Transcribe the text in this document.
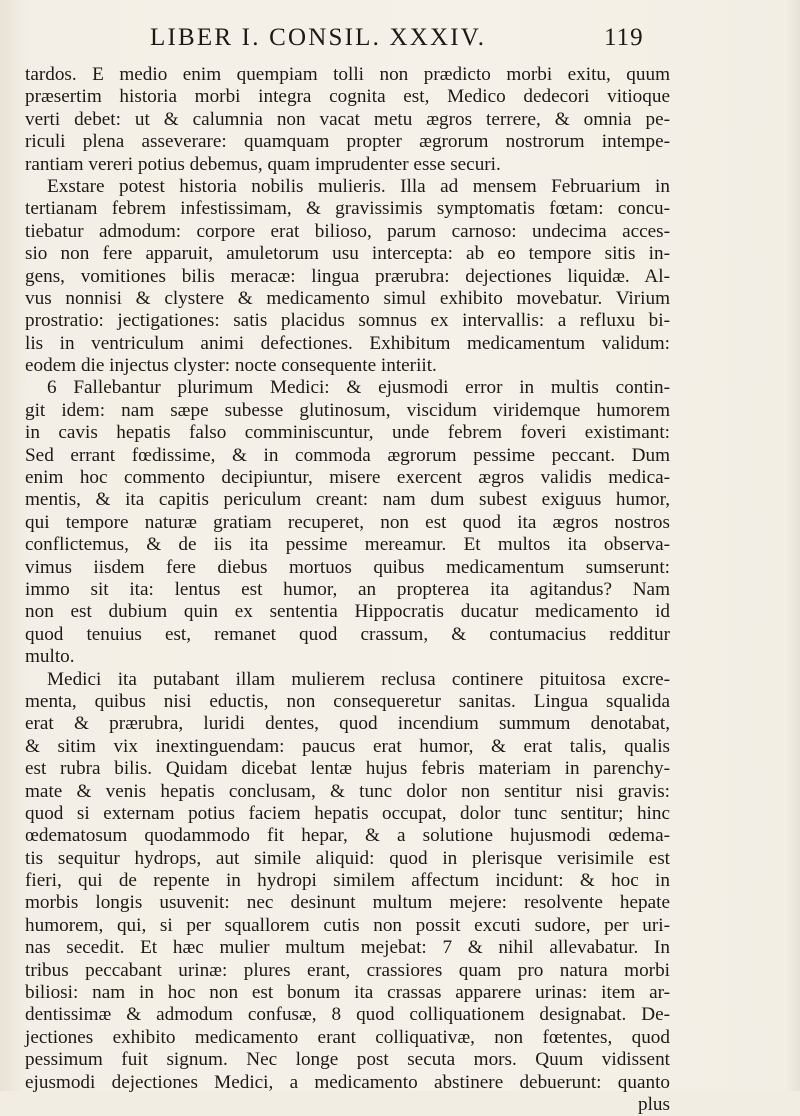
LIBER I. CONSIL. XXXIV.	119
tardos. E medio enim quempiam tolli non prædicto morbi exitu, quum
præsertim historia morbi integra cognita est, Medico dedecori vitioque
verti debet: ut & calumnia non vacat metu ægros terrere, & omnia pe-
riculi plena asseverare: quamquam propter ægrorum nostrorum intempe-
rantiam vereri potius debemus, quam imprudenter esse securi.
Exstare potest historia nobilis mulieris. Illa ad mensem Februarium in
tertianam febrem infestissimam, & gravissimis symptomatis fœtam: concu-
tiebatur admodum: corpore erat bilioso, parum carnoso: undecima acces-
sio non fere apparuit, amuletorum usu intercepta: ab eo tempore sitis in-
gens, vomitiones bilis meracæ: lingua prærubra: dejectiones liquidæ. Al-
vus nonnisi & clystere & medicamento simul exhibito movebatur. Virium
prostratio: jectigationes: satis placidus somnus ex intervallis: a refluxu bi-
lis in ventriculum animi defectiones. Exhibitum medicamentum validum:
eodem die injectus clyster: nocte consequente interiit.
6 Fallebantur plurimum Medici: & ejusmodi error in multis contin-
git idem: nam sæpe subesse glutinosum, viscidum viridemque humorem
in cavis hepatis falso comminiscuntur, unde febrem foveri existimant:
Sed errant fœdissime, & in commoda ægrorum pessime peccant. Dum
enim hoc commento decipiuntur, misere exercent ægros validis medica-
mentis, & ita capitis periculum creant: nam dum subest exiguus humor,
qui tempore naturæ gratiam recuperet, non est quod ita ægros nostros
conflictemus, & de iis ita pessime mereamur. Et multos ita observa-
vimus iisdem fere diebus mortuos quibus medicamentum sumserunt:
immo sit ita: lentus est humor, an propterea ita agitandus? Nam
non est dubium quin ex sententia Hippocratis ducatur medicamento id
quod tenuius est, remanet quod crassum, & contumacius redditur
multo.
Medici ita putabant illam mulierem reclusa continere pituitosa excre-
menta, quibus nisi eductis, non consequeretur sanitas. Lingua squalida
erat & prærubra, luridi dentes, quod incendium summum denotabat,
& sitim vix inextinguendam: paucus erat humor, & erat talis, qualis
est rubra bilis. Quidam dicebat lentæ hujus febris materiam in parenchy-
mate & venis hepatis conclusam, & tunc dolor non sentitur nisi gravis:
quod si externam potius faciem hepatis occupat, dolor tunc sentitur; hinc
œdematosum quodammodo fit hepar, & a solutione hujusmodi œdema-
tis sequitur hydrops, aut simile aliquid: quod in plerisque verisimile est
fieri, qui de repente in hydropi similem affectum incidunt: & hoc in
morbis longis usuvenit: nec desinunt multum mejere: resolvente hepate
humorem, qui, si per squallorem cutis non possit excuti sudore, per uri-
nas secedit. Et hæc mulier multum mejebat: 7 & nihil allevabatur. In
tribus peccabant urinæ: plures erant, crassiores quam pro natura morbi
biliosi: nam in hoc non est bonum ita crassas apparere urinas: item ar-
dentissimæ & admodum confusæ, 8 quod colliquationem designabat. De-
jectiones exhibito medicamento erant colliquativæ, non fœtentes, quod
pessimum fuit signum. Nec longe post secuta mors. Quum vidissent
ejusmodi dejectiones Medici, a medicamento abstinere debuerunt: quanto
plus
